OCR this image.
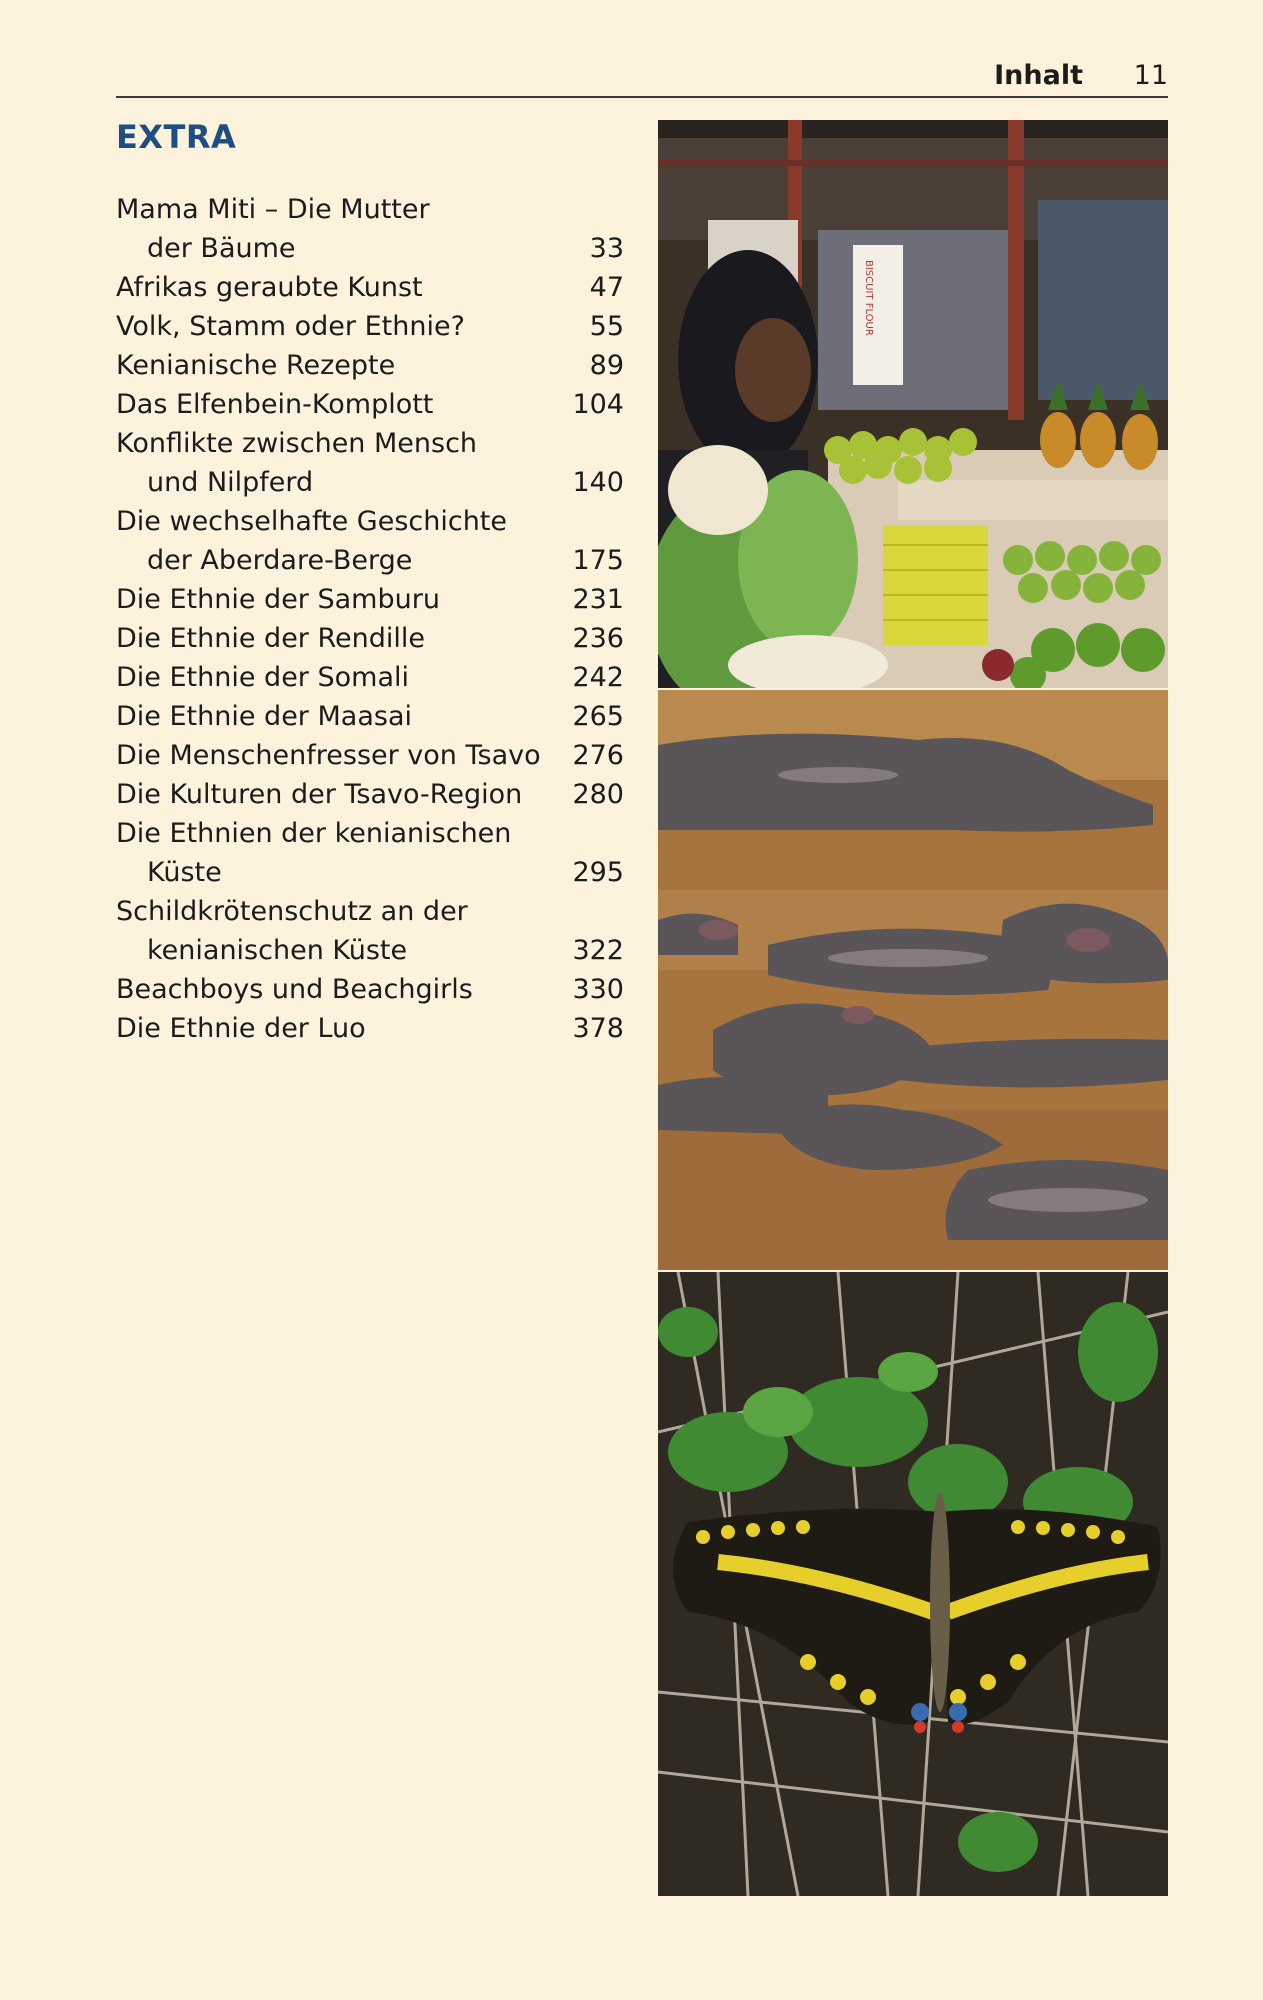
Inhalt 11
EXTRA
Mama Miti – Die Mutter
der Bäume	33
Afrikas geraubte Kunst	47
Volk, Stamm oder Ethnie?	55
Kenianische Rezepte	89
Das Elfenbein-Komplott	104
Konflikte zwischen Mensch
und Nilpferd	140
Die wechselhafte Geschichte
der Aberdare-Berge	175
Die Ethnie der Samburu	231
Die Ethnie der Rendille	236
Die Ethnie der Somali	242
Die Ethnie der Maasai	265
Die Menschenfresser von Tsavo 276
Die Kulturen der Tsavo-Region 280
Die Ethnien der kenianischen
Küste	295
Schildkrötenschutz an der
kenianischen Küste	322
Beachboys und Beachgirls	330
Die Ethnie der Luo	378
BISCUIT FLOUR
